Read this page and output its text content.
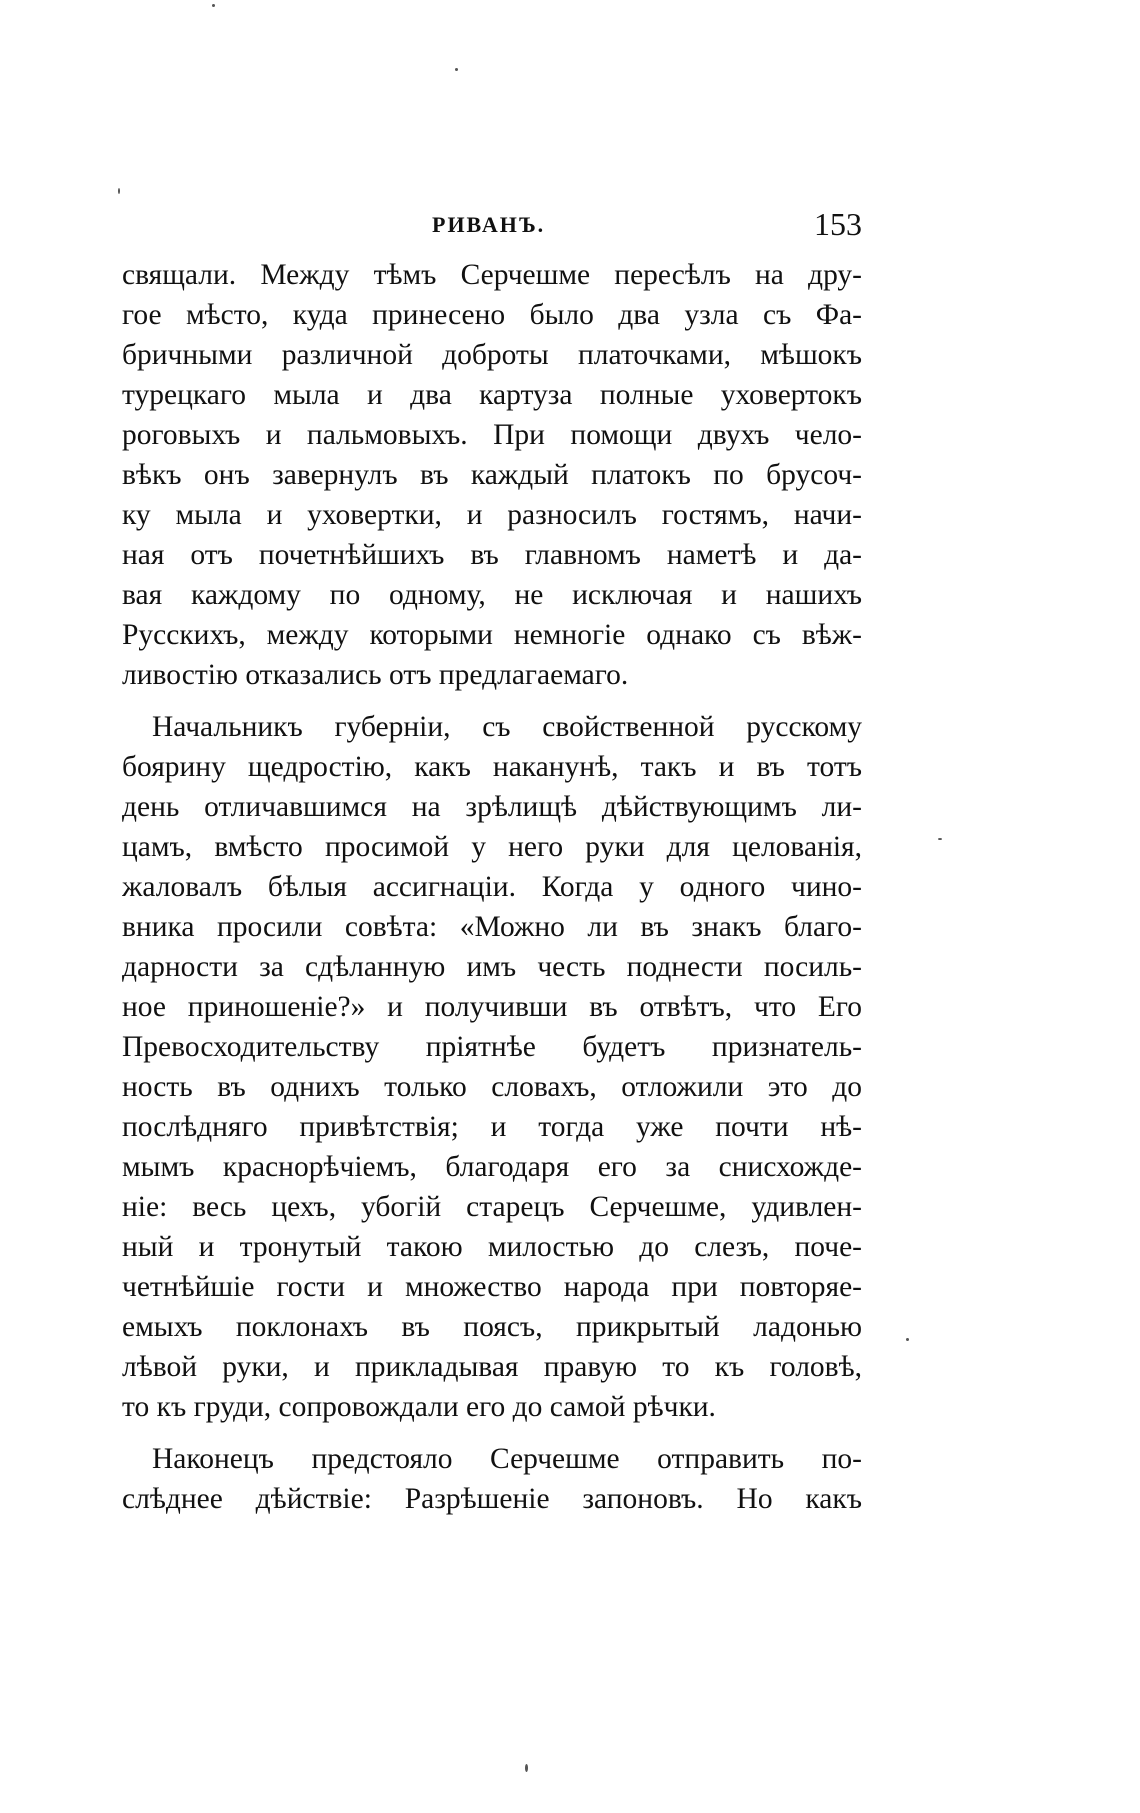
РИВАНЪ.	153
свящали. Между тѣмъ Серчешме пересѣлъ на дру-
гое мѣсто, куда принесено было два узла съ Фа-
бричными различной доброты платочками, мѣшокъ
турецкаго мыла и два картуза полные уховертокъ
роговыхъ и пальмовыхъ. При помощи двухъ чело-
вѣкъ онъ завернулъ въ каждый платокъ по брусоч-
ку мыла и уховертки, и разносилъ гостямъ, начи-
ная отъ почетнѣйшихъ въ главномъ наметѣ и да-
вая каждому по одному, не исключая и нашихъ
Русскихъ, между которыми немногіе однако съ вѣж-
ливостію отказались отъ предлагаемаго.
Начальникъ губерніи, съ свойственной русскому
боярину щедростію, какъ наканунѣ, такъ и въ тотъ
день отличавшимся на зрѣлищѣ дѣйствующимъ ли-
цамъ, вмѣсто просимой у него руки для целованія,
жаловалъ бѣлыя ассигнаціи. Когда у одного чино-
вника просили совѣта: «Можно ли въ знакъ благо-
дарности за сдѣланную имъ честь поднести посиль-
ное приношеніе?» и получивши въ отвѣтъ, что Его
Превосходительству пріятнѣе будетъ признатель-
ность въ однихъ только словахъ, отложили это до
послѣдняго привѣтствія; и тогда уже почти нѣ-
мымъ краснорѣчіемъ, благодаря его за снисхожде-
ніе: весь цехъ, убогій старецъ Серчешме, удивлен-
ный и тронутый такою милостью до слезъ, поче-
четнѣйшіе гости и множество народа при повторяе-
емыхъ поклонахъ въ поясъ, прикрытый ладонью
лѣвой руки, и прикладывая правую то къ головѣ,
то къ груди, сопровождали его до самой рѣчки.
Наконецъ предстояло Серчешме отправить по-
слѣднее дѣйствіе: Разрѣшеніе запоновъ. Но какъ
